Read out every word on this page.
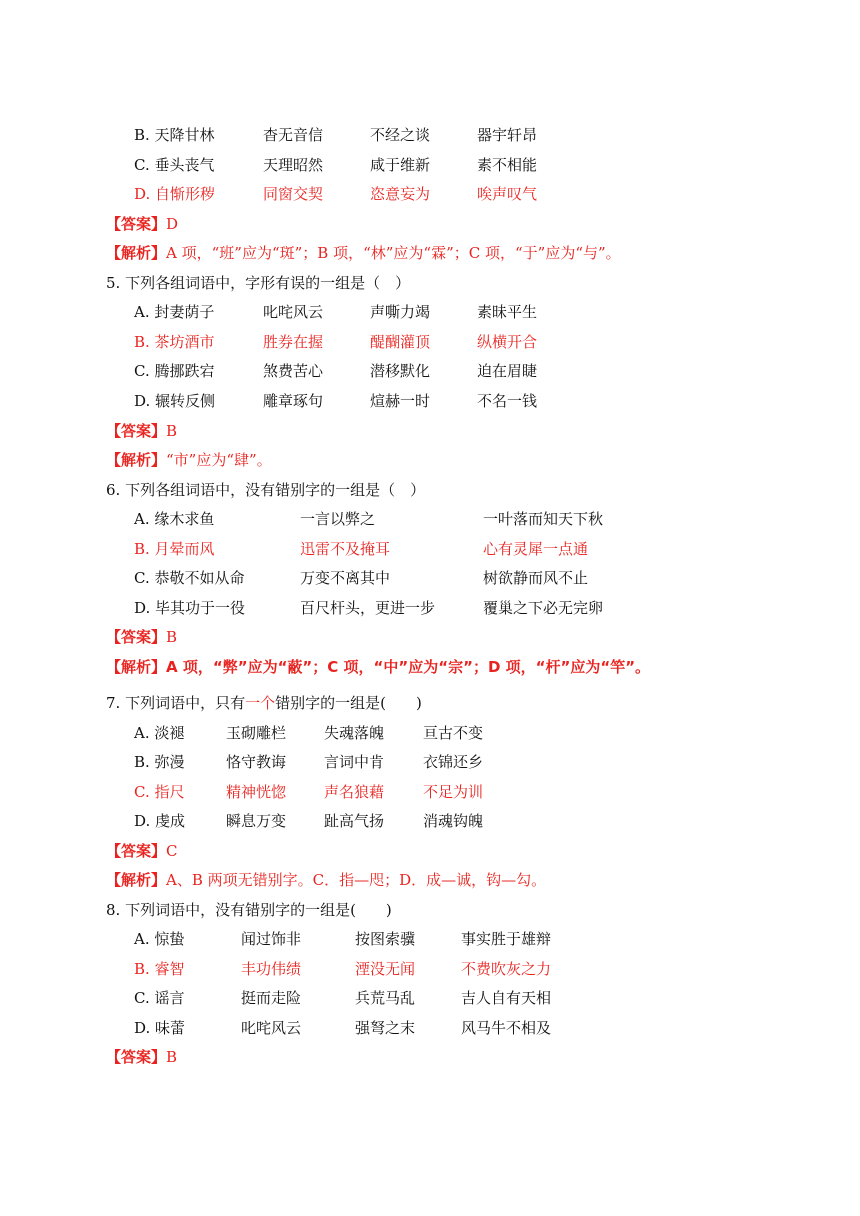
B. 天降甘林	杳无音信	不经之谈	器宇轩昂
C. 垂头丧气	天理昭然	咸于维新	素不相能
D. 自惭形秽	同窗交契	恣意妄为	唉声叹气
【答案】D
【解析】A 项，“班”应为“斑”；B 项，“林”应为“霖”；C 项，“于”应为“与”。
5. 下列各组词语中，字形有误的一组是（　）
A. 封妻荫子	叱咤风云	声嘶力竭	素昧平生
B. 茶坊酒市	胜券在握	醍醐灌顶	纵横开合
C. 腾挪跌宕	煞费苦心	潜移默化	迫在眉睫
D. 辗转反侧	雕章琢句	煊赫一时	不名一钱
【答案】B
【解析】“市”应为“肆”。
6. 下列各组词语中，没有错别字的一组是（　）
A. 缘木求鱼	一言以弊之	一叶落而知天下秋
B. 月晕而风	迅雷不及掩耳	心有灵犀一点通
C. 恭敬不如从命	万变不离其中	树欲静而风不止
D. 毕其功于一役	百尺杆头，更进一步	覆巢之下必无完卵
【答案】B
【解析】A 项，“弊”应为“蔽”；C 项，“中”应为“宗”；D 项，“杆”应为“竿”。
7. 下列词语中，只有一个错别字的一组是(　　)
A. 淡褪	玉砌雕栏	失魂落魄	亘古不变
B. 弥漫	恪守教诲	言词中肯	衣锦还乡
C. 指尺	精神恍惚	声名狼藉	不足为训
D. 虔成	瞬息万变	趾高气扬	消魂钩魄
【答案】C
【解析】A、B 两项无错别字。C．指—咫；D．成—诚，钩—勾。
8. 下列词语中，没有错别字的一组是(　　)
A. 惊蛰	闻过饰非	按图索骥	事实胜于雄辩
B. 睿智	丰功伟绩	湮没无闻	不费吹灰之力
C. 谣言	挺而走险	兵荒马乱	吉人自有天相
D. 味蕾	叱咤风云	强弩之末	风马牛不相及
【答案】B
